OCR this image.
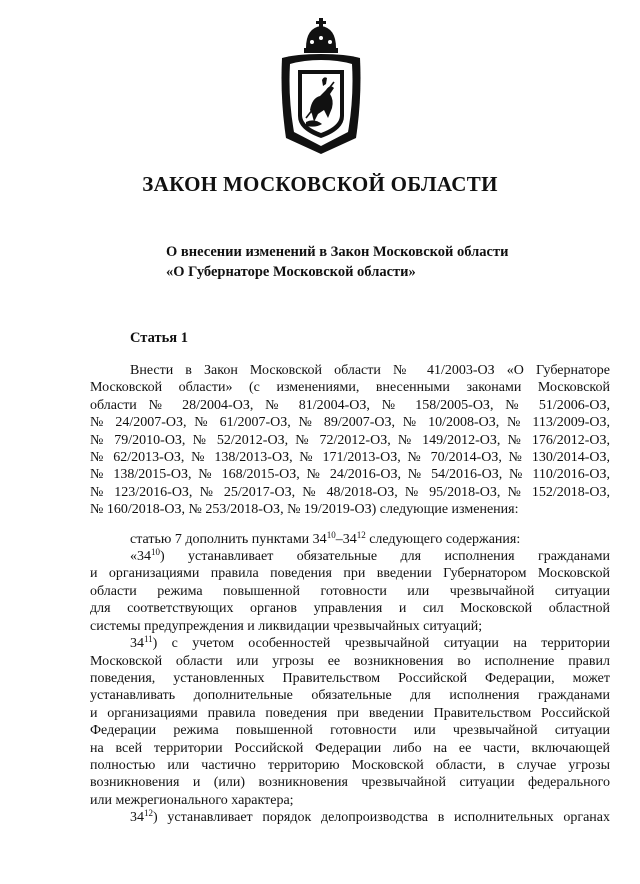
ЗАКОН МОСКОВСКОЙ ОБЛАСТИ
О внесении изменений в Закон Московской области
«О Губернаторе Московской области»
Статья 1
Внести в Закон Московской области № 41/2003-ОЗ «О Губернаторе
Московской области» (с изменениями, внесенными законами Московской
области № 28/2004-ОЗ, № 81/2004-ОЗ, № 158/2005-ОЗ, № 51/2006-ОЗ,
№ 24/2007-ОЗ, № 61/2007-ОЗ, № 89/2007-ОЗ, № 10/2008-ОЗ, № 113/2009-ОЗ,
№ 79/2010-ОЗ, № 52/2012-ОЗ, № 72/2012-ОЗ, № 149/2012-ОЗ, № 176/2012-ОЗ,
№ 62/2013-ОЗ, № 138/2013-ОЗ, № 171/2013-ОЗ, № 70/2014-ОЗ, № 130/2014-ОЗ,
№ 138/2015-ОЗ, № 168/2015-ОЗ, № 24/2016-ОЗ, № 54/2016-ОЗ, № 110/2016-ОЗ,
№ 123/2016-ОЗ, № 25/2017-ОЗ, № 48/2018-ОЗ, № 95/2018-ОЗ, № 152/2018-ОЗ,
№ 160/2018-ОЗ, № 253/2018-ОЗ, № 19/2019-ОЗ) следующие изменения:
статью 7 дополнить пунктами $34^{10}-34^{12}$ следующего содержания:
«$34^{10}$) устанавливает обязательные для исполнения гражданами
и организациями правила поведения при введении Губернатором Московской
области режима повышенной готовности или чрезвычайной ситуации
для соответствующих органов управления и сил Московской областной
системы предупреждения и ликвидации чрезвычайных ситуаций;
$34^{11}$) с учетом особенностей чрезвычайной ситуации на территории
Московской области или угрозы ее возникновения во исполнение правил
поведения, установленных Правительством Российской Федерации, может
устанавливать дополнительные обязательные для исполнения гражданами
и организациями правила поведения при введении Правительством Российской
Федерации режима повышенной готовности или чрезвычайной ситуации
на всей территории Российской Федерации либо на ее части, включающей
полностью или частично территорию Московской области, в случае угрозы
возникновения и (или) возникновения чрезвычайной ситуации федерального
или межрегионального характера;
$34^{12}$) устанавливает порядок делопроизводства в исполнительных органах
